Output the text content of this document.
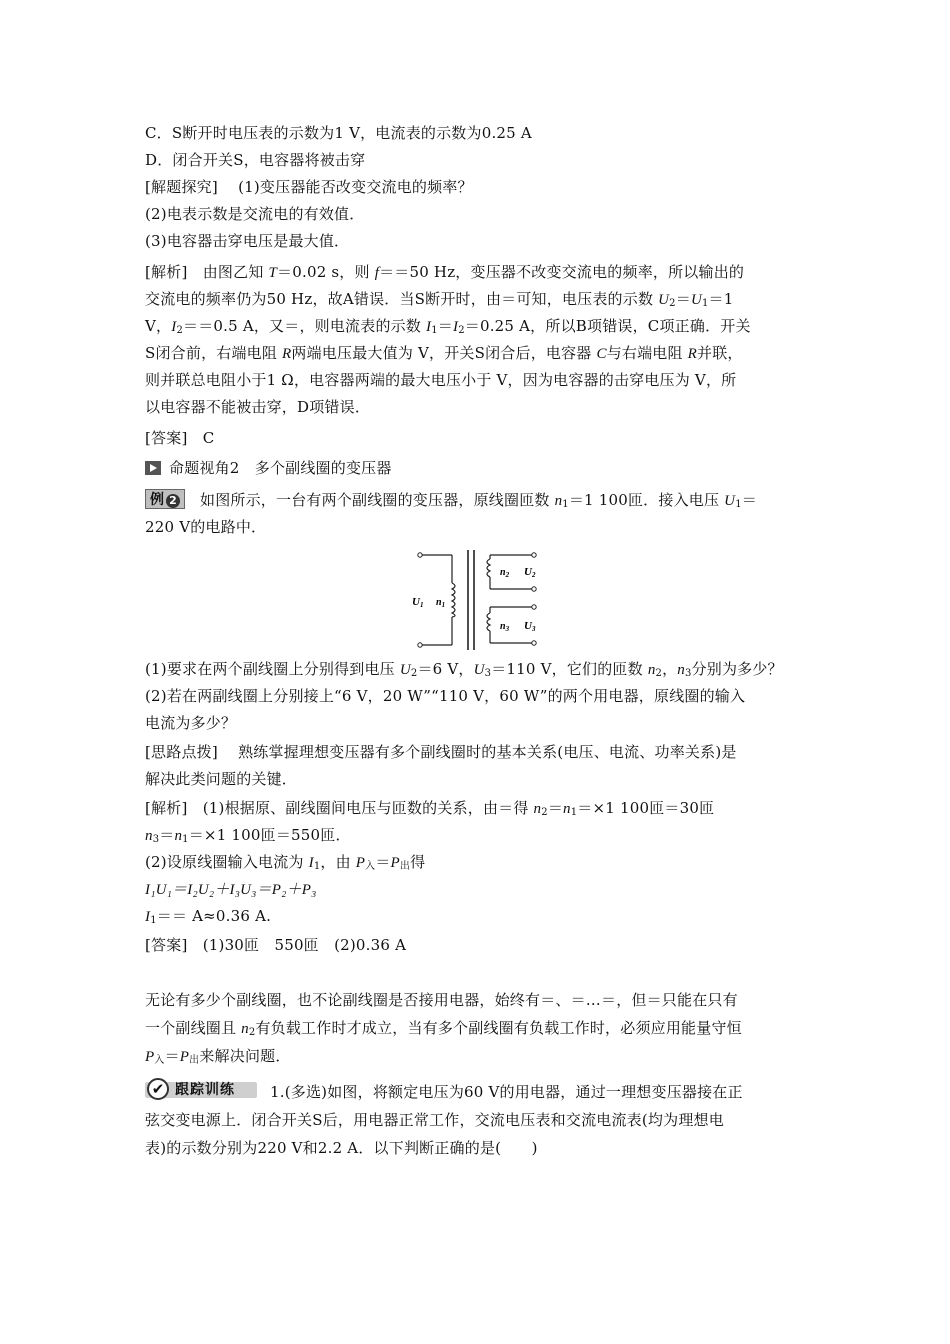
C．S断开时电压表的示数为1 V，电流表的示数为0.25 A
D．闭合开关S，电容器将被击穿
[解题探究]　 (1)变压器能否改变交流电的频率？
(2)电表示数是交流电的有效值．
(3)电容器击穿电压是最大值．
[解析]　 由图乙知 T＝0.02 s，则 f＝＝50 Hz，变压器不改变交流电的频率，所以输出的
交流电的频率仍为50 Hz，故A错误．当S断开时，由＝可知，电压表的示数 $U_2=U_1=1$
V，$I_2==0.5$ A，又＝，则电流表的示数 $I_1=I_2=0.25$ A，所以B项错误，C项正确．开关
S闭合前，右端电阻 R两端电压最大值为 V，开关S闭合后，电容器 C与右端电阻 R并联，
则并联总电阻小于1 Ω，电容器两端的最大电压小于 V，因为电容器的击穿电压为 V，所
以电容器不能被击穿，D项错误．
[答案]　 C
命题视角2　多个副线圈的变压器
例 2	如图所示，一台有两个副线圈的变压器，原线圈匝数 $n_1=1$ 100匝．接入电压 $U_1=$
220 V的电路中．
U1 $n_1$
$n_2$ U2
$n_3$ U3
(1)要求在两个副线圈上分别得到电压 $U_2=6$ V，$U_3=110$ V，它们的匝数 $n_2$，$n_3$分别为多少？
(2)若在两副线圈上分别接上“6 V，20 W”“110 V，60 W”的两个用电器，原线圈的输入
电流为多少？
[思路点拨]　 熟练掌握理想变压器有多个副线圈时的基本关系(电压、电流、功率关系)是
解决此类问题的关键．
[解析]　 (1)根据原、副线圈间电压与匝数的关系，由＝得 $n_2=n_1=\times 1$ 100匝＝30匝
$n_3=n_1=\times 1$ 100匝＝550匝．
(2)设原线圈输入电流为 $I_1$，由 $P_入=P_出$得
I₁U₁＝I₂U₂＋I₃U₃＝P₂＋P₃
$I_1== A\approx 0.36$ A.
[答案]　 (1)30匝　550匝　(2)0.36 A
无论有多少个副线圈，也不论副线圈是否接用电器，始终有＝、＝…＝，但＝只能在只有
一个副线圈且 $n_2$有负载工作时才成立，当有多个副线圈有负载工作时，必须应用能量守恒
$P_入=P_出$来解决问题．
✔ 跟踪训练 1.(多选)如图，将额定电压为60 V的用电器，通过一理想变压器接在正
弦交变电源上．闭合开关S后，用电器正常工作，交流电压表和交流电流表(均为理想电
表)的示数分别为220 V和2.2 A．以下判断正确的是(　　)
